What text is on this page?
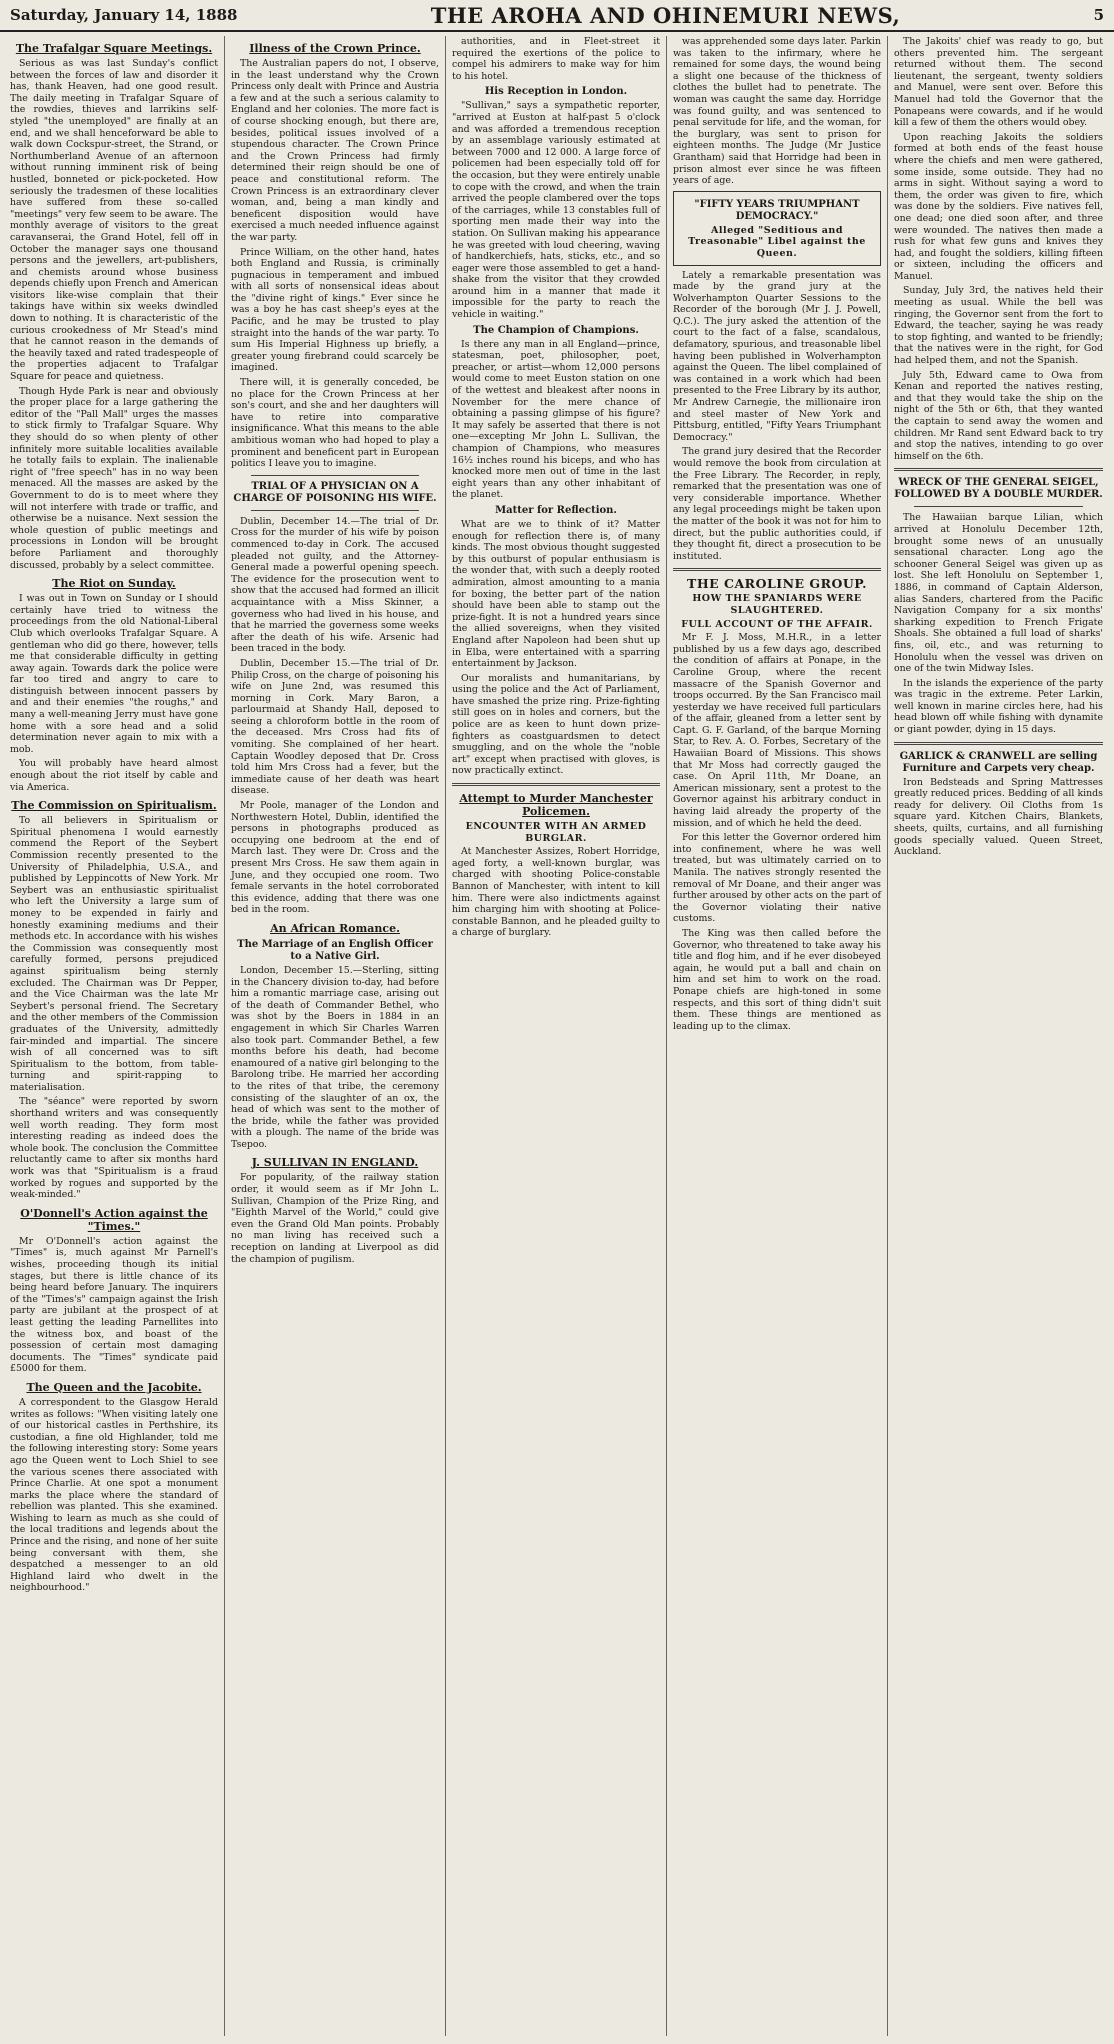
Saturday, January 14, 1888	THE AROHA AND OHINEMURI NEWS,	5
The Trafalgar Square Meetings.

Serious as was last Sunday's conflict between the forces of law and disorder it has, thank Heaven, had one good result. The daily meeting in Trafalgar Square of the rowdies, thieves and larrikins self-styled "the unemployed" are finally at an end, and we shall henceforward be able to walk down Cockspur-street, the Strand, or Northumberland Avenue of an afternoon without running imminent risk of being hustled, bonneted or pick-pocketed. How seriously the tradesmen of these localities have suffered from these so-called "meetings" very few seem to be aware. The monthly average of visitors to the great caravanserai, the Grand Hotel, fell off in October the manager says one thousand persons and the jewellers, art-publishers, and chemists around whose business depends chiefly upon French and American visitors like-wise complain that their takings have within six weeks dwindled down to nothing. It is characteristic of the curious crookedness of Mr Stead's mind that he cannot reason in the demands of the heavily taxed and rated tradespeople of the properties adjacent to Trafalgar Square for peace and quietness.

Though Hyde Park is near and obviously the proper place for a large gathering the editor of the "Pall Mall" urges the masses to stick firmly to Trafalgar Square. Why they should do so when plenty of other infinitely more suitable localities available he totally fails to explain. The inalienable right of "free speech" has in no way been menaced. All the masses are asked by the Government to do is to meet where they will not interfere with trade or traffic, and otherwise be a nuisance. Next session the whole question of public meetings and processions in London will be brought before Parliament and thoroughly discussed, probably by a select committee.

The Riot on Sunday.

I was out in Town on Sunday or I should certainly have tried to witness the proceedings from the old National-Liberal Club which overlooks Trafalgar Square. A gentleman who did go there, however, tells me that considerable difficulty in getting away again. Towards dark the police were far too tired and angry to care to distinguish between innocent passers by and and their enemies "the roughs," and many a well-meaning Jerry must have gone home with a sore head and a solid determination never again to mix with a mob.

You will probably have heard almost enough about the riot itself by cable and via America.

The Commission on Spiritualism.

To all believers in Spiritualism or Spiritual phenomena I would earnestly commend the Report of the Seybert Commission recently presented to the University of Philadelphia, U.S.A., and published by Leppincotts of New York. Mr Seybert was an enthusiastic spiritualist who left the University a large sum of money to be expended in fairly and honestly examining mediums and their methods etc. In accordance with his wishes the Commission was consequently most carefully formed, persons prejudiced against spiritualism being sternly excluded. The Chairman was Dr Pepper, and the Vice Chairman was the late Mr Seybert's personal friend. The Secretary and the other members of the Commission graduates of the University, admittedly fair-minded and impartial. The sincere wish of all concerned was to sift Spiritualism to the bottom, from table-turning and spirit-rapping to materialisation.

The "séance" were reported by sworn shorthand writers and was consequently well worth reading. They form most interesting reading as indeed does the whole book. The conclusion the Committee reluctantly came to after six months hard work was that "Spiritualism is a fraud worked by rogues and supported by the weak-minded."

O'Donnell's Action against the "Times."

Mr O'Donnell's action against the "Times" is, much against Mr Parnell's wishes, proceeding though its initial stages, but there is little chance of its being heard before January. The inquirers of the "Times's" campaign against the Irish party are jubilant at the prospect of at least getting the leading Parnellites into the witness box, and boast of the possession of certain most damaging documents. The "Times" syndicate paid £5000 for them.

The Queen and the Jacobite.

A correspondent to the Glasgow Herald writes as follows: "When visiting lately one of our historical castles in Perthshire, its custodian, a fine old Highlander, told me the following interesting story: Some years ago the Queen went to Loch Shiel to see the various scenes there associated with Prince Charlie. At one spot a monument marks the place where the standard of rebellion was planted. This she examined. Wishing to learn as much as she could of the local traditions and legends about the Prince and the rising, and none of her suite being conversant with them, she despatched a messenger to an old Highland laird who dwelt in the neighbourhood."

Illness of the Crown Prince.

The Australian papers do not, I observe, in the least understand why the Crown Princess only dealt with Prince and Austria a few and at the such a serious calamity to England and her colonies. The more fact is of course shocking enough, but there are, besides, political issues involved of a stupendous character. The Crown Prince and the Crown Princess had firmly determined their reign should be one of peace and constitutional reform. The Crown Princess is an extraordinary clever woman, and, being a man kindly and beneficent disposition would have exercised a much needed influence against the war party.

Prince William, on the other hand, hates both England and Russia, is criminally pugnacious in temperament and imbued with all sorts of nonsensical ideas about the "divine right of kings." Ever since he was a boy he has cast sheep's eyes at the Pacific, and he may be trusted to play straight into the hands of the war party. To sum His Imperial Highness up briefly, a greater young firebrand could scarcely be imagined.

There will, it is generally conceded, be no place for the Crown Princess at her son's court, and she and her daughters will have to retire into comparative insignificance. What this means to the able ambitious woman who had hoped to play a prominent and beneficent part in European politics I leave you to imagine.

TRIAL OF A PHYSICIAN ON A CHARGE OF POISONING HIS WIFE.

Dublin, December 14.—The trial of Dr. Cross for the murder of his wife by poison commenced to-day in Cork. The accused pleaded not guilty, and the Attorney-General made a powerful opening speech. The evidence for the prosecution went to show that the accused had formed an illicit acquaintance with a Miss Skinner, a governess who had lived in his house, and that he married the governess some weeks after the death of his wife. Arsenic had been traced in the body.

Dublin, December 15.—The trial of Dr. Philip Cross, on the charge of poisoning his wife on June 2nd, was resumed this morning in Cork. Mary Baron, a parlourmaid at Shandy Hall, deposed to seeing a chloroform bottle in the room of the deceased. Mrs Cross had fits of vomiting. She complained of her heart. Captain Woodley deposed that Dr. Cross told him Mrs Cross had a fever, but the immediate cause of her death was heart disease.

Mr Poole, manager of the London and Northwestern Hotel, Dublin, identified the persons in photographs produced as occupying one bedroom at the end of March last. They were Dr. Cross and the present Mrs Cross. He saw them again in June, and they occupied one room. Two female servants in the hotel corroborated this evidence, adding that there was one bed in the room.

An African Romance.
The Marriage of an English Officer to a Native Girl.

London, December 15.—Sterling, sitting in the Chancery division to-day, had before him a romantic marriage case, arising out of the death of Commander Bethel, who was shot by the Boers in 1884 in an engagement in which Sir Charles Warren also took part. Commander Bethel, a few months before his death, had become enamoured of a native girl belonging to the Barolong tribe. He married her according to the rites of that tribe, the ceremony consisting of the slaughter of an ox, the head of which was sent to the mother of the bride, while the father was provided with a plough. The name of the bride was Tsepoo.

J. SULLIVAN IN ENGLAND.

For popularity, of the railway station order, it would seem as if Mr John L. Sullivan, Champion of the Prize Ring, and "Eighth Marvel of the World," could give even the Grand Old Man points. Probably no man living has received such a reception on landing at Liverpool as did the champion of pugilism.

authorities, and in Fleet-street it required the exertions of the police to compel his admirers to make way for him to his hotel.

His Reception in London.

"Sullivan," says a sympathetic reporter, "arrived at Euston at half-past 5 o'clock and was afforded a tremendous reception by an assemblage variously estimated at between 7000 and 12 000. A large force of policemen had been especially told off for the occasion, but they were entirely unable to cope with the crowd, and when the train arrived the people clambered over the tops of the carriages, while 13 constables full of sporting men made their way into the station. On Sullivan making his appearance he was greeted with loud cheering, waving of handkerchiefs, hats, sticks, etc., and so eager were those assembled to get a hand-shake from the visitor that they crowded around him in a manner that made it impossible for the party to reach the vehicle in waiting."

The Champion of Champions.

Is there any man in all England—prince, statesman, poet, philosopher, poet, preacher, or artist—whom 12,000 persons would come to meet Euston station on one of the wettest and bleakest after noons in November for the mere chance of obtaining a passing glimpse of his figure? It may safely be asserted that there is not one—excepting Mr John L. Sullivan, the champion of Champions, who measures 16½ inches round his biceps, and who has knocked more men out of time in the last eight years than any other inhabitant of the planet.

Matter for Reflection.

What are we to think of it? Matter enough for reflection there is, of many kinds. The most obvious thought suggested by this outburst of popular enthusiasm is the wonder that, with such a deeply rooted admiration, almost amounting to a mania for boxing, the better part of the nation should have been able to stamp out the prize-fight. It is not a hundred years since the allied sovereigns, when they visited England after Napoleon had been shut up in Elba, were entertained with a sparring entertainment by Jackson.

Our moralists and humanitarians, by using the police and the Act of Parliament, have smashed the prize ring. Prize-fighting still goes on in holes and corners, but the police are as keen to hunt down prize-fighters as coastguardsmen to detect smuggling, and on the whole the "noble art" except when practised with gloves, is now practically extinct.

Attempt to Murder Manchester Policemen.
ENCOUNTER WITH AN ARMED BURGLAR.

At Manchester Assizes, Robert Horridge, aged forty, a well-known burglar, was charged with shooting Police-constable Bannon of Manchester, with intent to kill him. There were also indictments against him charging him with shooting at Police-constable Bannon, and he pleaded guilty to a charge of burglary.

was apprehended some days later. Parkin was taken to the infirmary, where he remained for some days, the wound being a slight one because of the thickness of clothes the bullet had to penetrate. The woman was caught the same day. Horridge was found guilty, and was sentenced to penal servitude for life, and the woman, for the burglary, was sent to prison for eighteen months. The Judge (Mr Justice Grantham) said that Horridge had been in prison almost ever since he was fifteen years of age.

"FIFTY YEARS TRIUMPHANT DEMOCRACY."
Alleged "Seditious and Treasonable" Libel against the Queen.

Lately a remarkable presentation was made by the grand jury at the Wolverhampton Quarter Sessions to the Recorder of the borough (Mr J. J. Powell, Q.C.). The jury asked the attention of the court to the fact of a false, scandalous, defamatory, spurious, and treasonable libel having been published in Wolverhampton against the Queen. The libel complained of was contained in a work which had been presented to the Free Library by its author, Mr Andrew Carnegie, the millionaire iron and steel master of New York and Pittsburg, entitled, "Fifty Years Triumphant Democracy."

The grand jury desired that the Recorder would remove the book from circulation at the Free Library. The Recorder, in reply, remarked that the presentation was one of very considerable importance. Whether any legal proceedings might be taken upon the matter of the book it was not for him to direct, but the public authorities could, if they thought fit, direct a prosecution to be instituted.

THE CAROLINE GROUP.
HOW THE SPANIARDS WERE SLAUGHTERED.
FULL ACCOUNT OF THE AFFAIR.

Mr F. J. Moss, M.H.R., in a letter published by us a few days ago, described the condition of affairs at Ponape, in the Caroline Group, where the recent massacre of the Spanish Governor and troops occurred. By the San Francisco mail yesterday we have received full particulars of the affair, gleaned from a letter sent by Capt. G. F. Garland, of the barque Morning Star, to Rev. A. O. Forbes, Secretary of the Hawaiian Board of Missions. This shows that Mr Moss had correctly gauged the case. On April 11th, Mr Doane, an American missionary, sent a protest to the Governor against his arbitrary conduct in having laid already the property of the mission, and of which he held the deed.

For this letter the Governor ordered him into confinement, where he was well treated, but was ultimately carried on to Manila. The natives strongly resented the removal of Mr Doane, and their anger was further aroused by other acts on the part of the Governor violating their native customs.

The King was then called before the Governor, who threatened to take away his title and flog him, and if he ever disobeyed again, he would put a ball and chain on him and set him to work on the road. Ponape chiefs are high-toned in some respects, and this sort of thing didn't suit them. These things are mentioned as leading up to the climax.

The Jakoits' chief was ready to go, but others prevented him. The sergeant returned without them. The second lieutenant, the sergeant, twenty soldiers and Manuel, were sent over. Before this Manuel had told the Governor that the Ponapeans were cowards, and if he would kill a few of them the others would obey.

Upon reaching Jakoits the soldiers formed at both ends of the feast house where the chiefs and men were gathered, some inside, some outside. They had no arms in sight. Without saying a word to them, the order was given to fire, which was done by the soldiers. Five natives fell, one dead; one died soon after, and three were wounded. The natives then made a rush for what few guns and knives they had, and fought the soldiers, killing fifteen or sixteen, including the officers and Manuel.

Sunday, July 3rd, the natives held their meeting as usual. While the bell was ringing, the Governor sent from the fort to Edward, the teacher, saying he was ready to stop fighting, and wanted to be friendly; that the natives were in the right, for God had helped them, and not the Spanish.

July 5th, Edward came to Owa from Kenan and reported the natives resting, and that they would take the ship on the night of the 5th or 6th, that they wanted the captain to send away the women and children. Mr Rand sent Edward back to try and stop the natives, intending to go over himself on the 6th.

WRECK OF THE GENERAL SEIGEL, FOLLOWED BY A DOUBLE MURDER.

The Hawaiian barque Lilian, which arrived at Honolulu December 12th, brought some news of an unusually sensational character. Long ago the schooner General Seigel was given up as lost. She left Honolulu on September 1, 1886, in command of Captain Alderson, alias Sanders, chartered from the Pacific Navigation Company for a six months' sharking expedition to French Frigate Shoals. She obtained a full load of sharks' fins, oil, etc., and was returning to Honolulu when the vessel was driven on one of the twin Midway Isles.

In the islands the experience of the party was tragic in the extreme. Peter Larkin, well known in marine circles here, had his head blown off while fishing with dynamite or giant powder, dying in 15 days.

GARLICK & CRANWELL are selling Furniture and Carpets very cheap.

Iron Bedsteads and Spring Mattresses greatly reduced prices. Bedding of all kinds ready for delivery. Oil Cloths from 1s square yard. Kitchen Chairs, Blankets, sheets, quilts, curtains, and all furnishing goods specially valued. Queen Street, Auckland.
